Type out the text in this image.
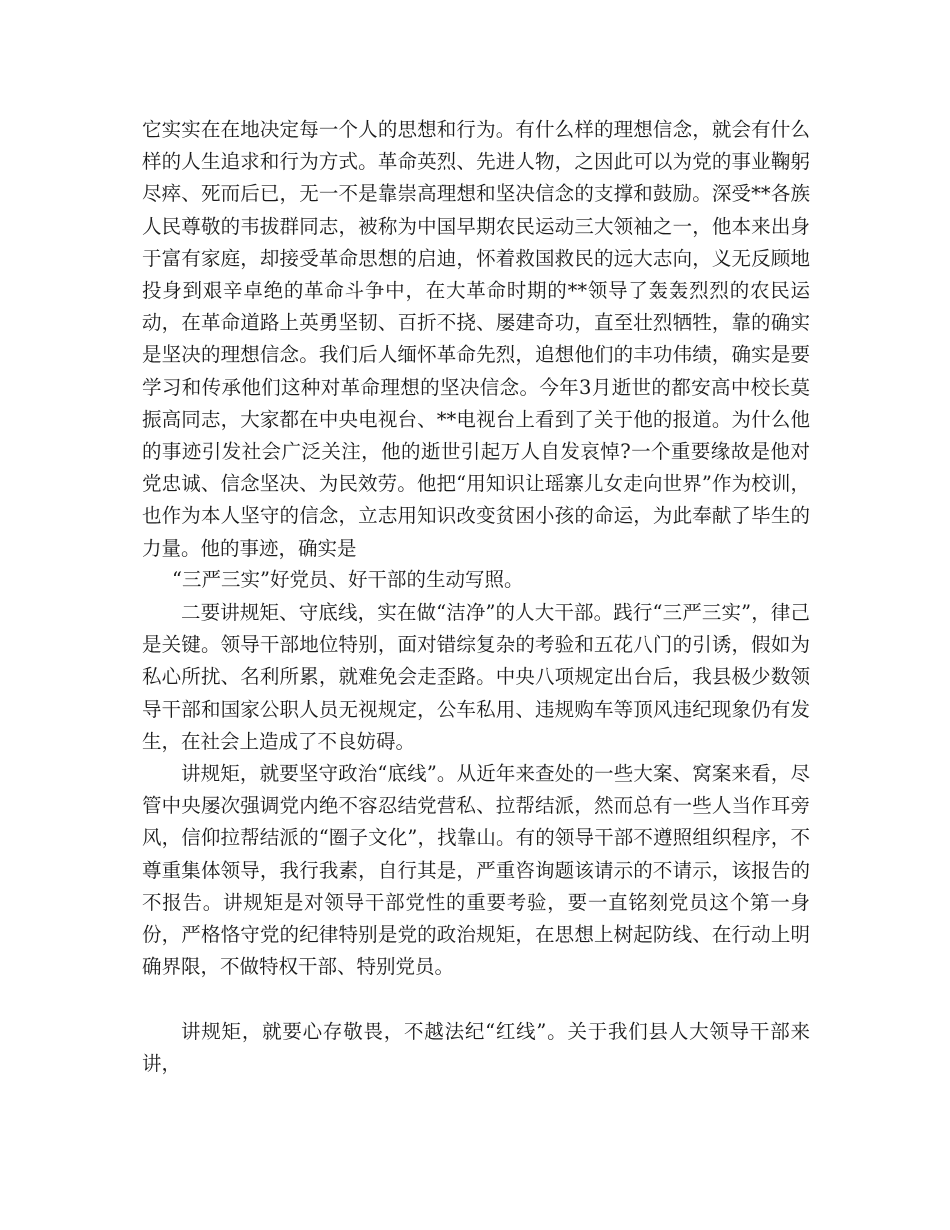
它实实在在地决定每一个人的思想和行为。有什么样的理想信念，就会有什么样的人生追求和行为方式。革命英烈、先进人物，之因此可以为党的事业鞠躬尽瘁、死而后已，无一不是靠崇高理想和坚决信念的支撑和鼓励。深受**各族人民尊敬的韦拔群同志，被称为中国早期农民运动三大领袖之一，他本来出身于富有家庭，却接受革命思想的启迪，怀着救国救民的远大志向，义无反顾地投身到艰辛卓绝的革命斗争中，在大革命时期的**领导了轰轰烈烈的农民运动，在革命道路上英勇坚韧、百折不挠、屡建奇功，直至壮烈牺牲，靠的确实是坚决的理想信念。我们后人缅怀革命先烈，追想他们的丰功伟绩，确实是要学习和传承他们这种对革命理想的坚决信念。今年3月逝世的都安高中校长莫振高同志，大家都在中央电视台、**电视台上看到了关于他的报道。为什么他的事迹引发社会广泛关注，他的逝世引起万人自发哀悼?一个重要缘故是他对党忠诚、信念坚决、为民效劳。他把“用知识让瑶寨儿女走向世界”作为校训，也作为本人坚守的信念，立志用知识改变贫困小孩的命运，为此奉献了毕生的力量。他的事迹，确实是

“三严三实”好党员、好干部的生动写照。

二要讲规矩、守底线，实在做“洁净”的人大干部。践行“三严三实”，律己是关键。领导干部地位特别，面对错综复杂的考验和五花八门的引诱，假如为私心所扰、名利所累，就难免会走歪路。中央八项规定出台后，我县极少数领导干部和国家公职人员无视规定，公车私用、违规购车等顶风违纪现象仍有发生，在社会上造成了不良妨碍。

讲规矩，就要坚守政治“底线”。从近年来查处的一些大案、窝案来看，尽管中央屡次强调党内绝不容忍结党营私、拉帮结派，然而总有一些人当作耳旁风，信仰拉帮结派的“圈子文化”，找靠山。有的领导干部不遵照组织程序，不尊重集体领导，我行我素，自行其是，严重咨询题该请示的不请示，该报告的不报告。讲规矩是对领导干部党性的重要考验，要一直铭刻党员这个第一身份，严格恪守党的纪律特别是党的政治规矩，在思想上树起防线、在行动上明确界限，不做特权干部、特别党员。

讲规矩，就要心存敬畏，不越法纪“红线”。关于我们县人大领导干部来讲，
